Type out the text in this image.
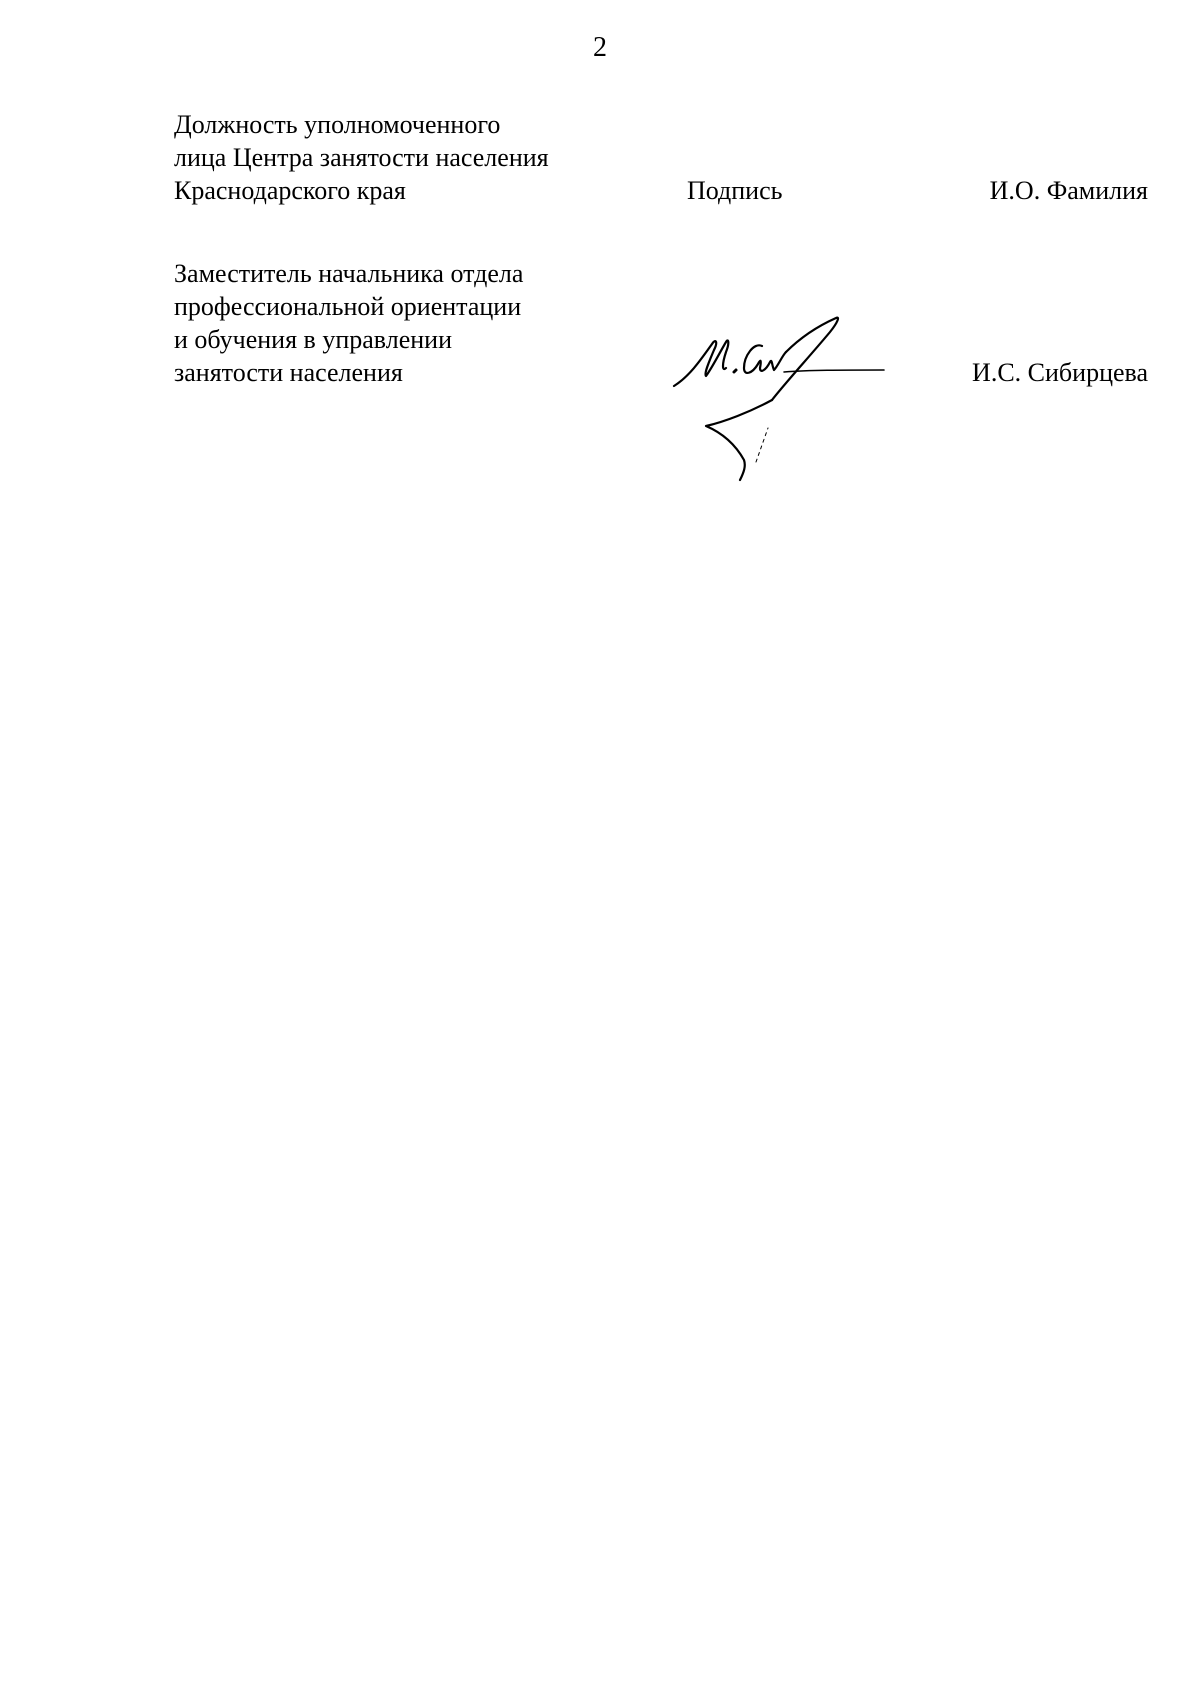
2
Должность уполномоченного
лица Центра занятости населения
Краснодарского края	Подпись	И.О. Фамилия
Заместитель начальника отдела
профессиональной ориентации
и обучения в управлении
занятости населения	И.С. Сибирцева
